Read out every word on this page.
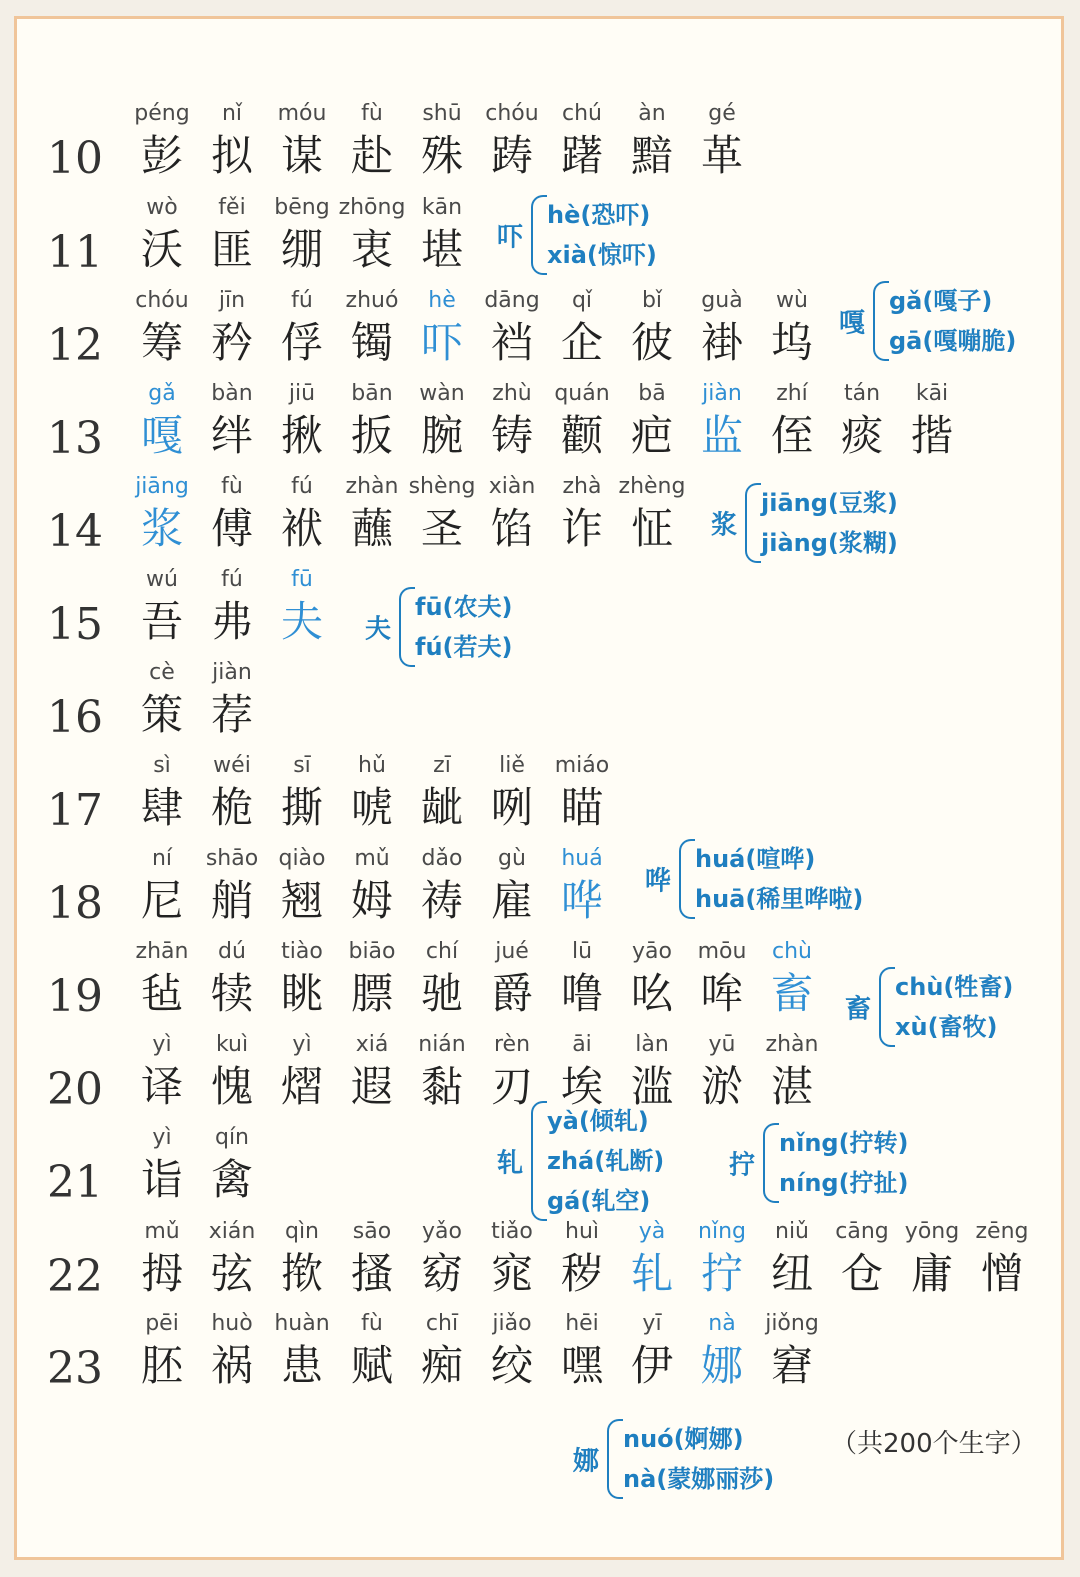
10
péng
彭
nǐ
拟
móu
谋
fù
赴
shū
殊
chóu
踌
chú
躇
àn
黯
gé
革
11
wò
沃
fěi
匪
bēng
绷
zhōng
衷
kān
堪
12
chóu
筹
jīn
矜
fú
俘
zhuó
镯
hè
吓
dāng
裆
qǐ
企
bǐ
彼
guà
褂
wù
坞
13
gǎ
嘎
bàn
绊
jiū
揪
bān
扳
wàn
腕
zhù
铸
quán
颧
bā
疤
jiàn
监
zhí
侄
tán
痰
kāi
揩
14
jiāng
浆
fù
傅
fú
袱
zhàn
蘸
shèng
圣
xiàn
馅
zhà
诈
zhèng
怔
15
wú
吾
fú
弗
fū
夫
16
cè
策
jiàn
荐
17
sì
肆
wéi
桅
sī
撕
hǔ
唬
zī
龇
liě
咧
miáo
瞄
18
ní
尼
shāo
艄
qiào
翘
mǔ
姆
dǎo
祷
gù
雇
huá
哗
19
zhān
毡
dú
犊
tiào
眺
biāo
膘
chí
驰
jué
爵
lū
噜
yāo
吆
mōu
哞
chù
畜
20
yì
译
kuì
愧
yì
熠
xiá
遐
nián
黏
rèn
刃
āi
埃
làn
滥
yū
淤
zhàn
湛
21
yì
诣
qín
禽
22
mǔ
拇
xián
弦
qìn
揿
sāo
搔
yǎo
窈
tiǎo
窕
huì
秽
yà
轧
nǐng
拧
niǔ
纽
cāng
仓
yōng
庸
zēng
憎
23
pēi
胚
huò
祸
huàn
患
fù
赋
chī
痴
jiǎo
绞
hēi
嘿
yī
伊
nà
娜
jiǒng
窘
吓
hè(恐吓)
xià(惊吓)
嘎
gǎ(嘎子)
gā(嘎嘣脆)
浆
jiāng(豆浆)
jiàng(浆糊)
夫
fū(农夫)
fú(若夫)
哗
huá(喧哗)
huā(稀里哗啦)
畜
chù(牲畜)
xù(畜牧)
轧
yà(倾轧)
zhá(轧断)
gá(轧空)
拧
nǐng(拧转)
níng(拧扯)
娜
nuó(婀娜)
nà(蒙娜丽莎)
（共200个生字）
